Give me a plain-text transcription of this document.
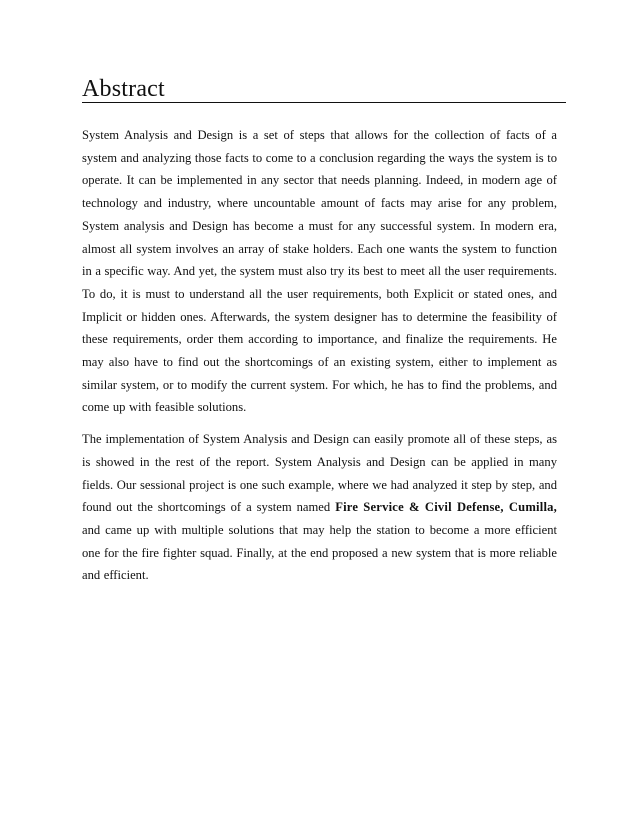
Abstract

System Analysis and Design is a set of steps that allows for the collection of facts of a system and analyzing those facts to come to a conclusion regarding the ways the system is to operate. It can be implemented in any sector that needs planning. Indeed, in modern age of technology and industry, where uncountable amount of facts may arise for any problem, System analysis and Design has become a must for any successful system. In modern era, almost all system involves an array of stake holders. Each one wants the system to function in a specific way. And yet, the system must also try its best to meet all the user requirements. To do, it is must to understand all the user requirements, both Explicit or stated ones, and Implicit or hidden ones. Afterwards, the system designer has to determine the feasibility of these requirements, order them according to importance, and finalize the requirements. He may also have to find out the shortcomings of an existing system, either to implement as similar system, or to modify the current system. For which, he has to find the problems, and come up with feasible solutions.

The implementation of System Analysis and Design can easily promote all of these steps, as is showed in the rest of the report. System Analysis and Design can be applied in many fields. Our sessional project is one such example, where we had analyzed it step by step, and found out the shortcomings of a system named Fire Service & Civil Defense, Cumilla, and came up with multiple solutions that may help the station to become a more efficient one for the fire fighter squad. Finally, at the end proposed a new system that is more reliable and efficient.
